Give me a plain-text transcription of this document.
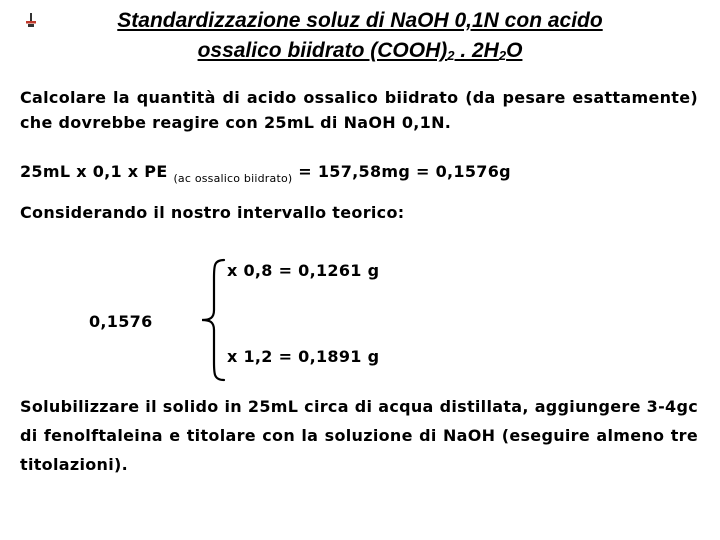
Standardizzazione soluz di NaOH 0,1N con acido
ossalico biidrato $(COOH)_2$ . $2H_2O$
Calcolare la quantità di acido ossalico biidrato (da pesare esattamente) che dovrebbe reagire con 25mL di NaOH 0,1N.
25mL x 0,1 x PE $_{(ac ossalico biidrato)}$ = 157,58mg = 0,1576g
Considerando il nostro intervallo teorico:
x 0,8 = 0,1261 g
0,1576
x 1,2 = 0,1891 g
Solubilizzare il solido in 25mL circa di acqua distillata, aggiungere 3-4gc di fenolftaleina e titolare con la soluzione di NaOH (eseguire almeno tre titolazioni).
